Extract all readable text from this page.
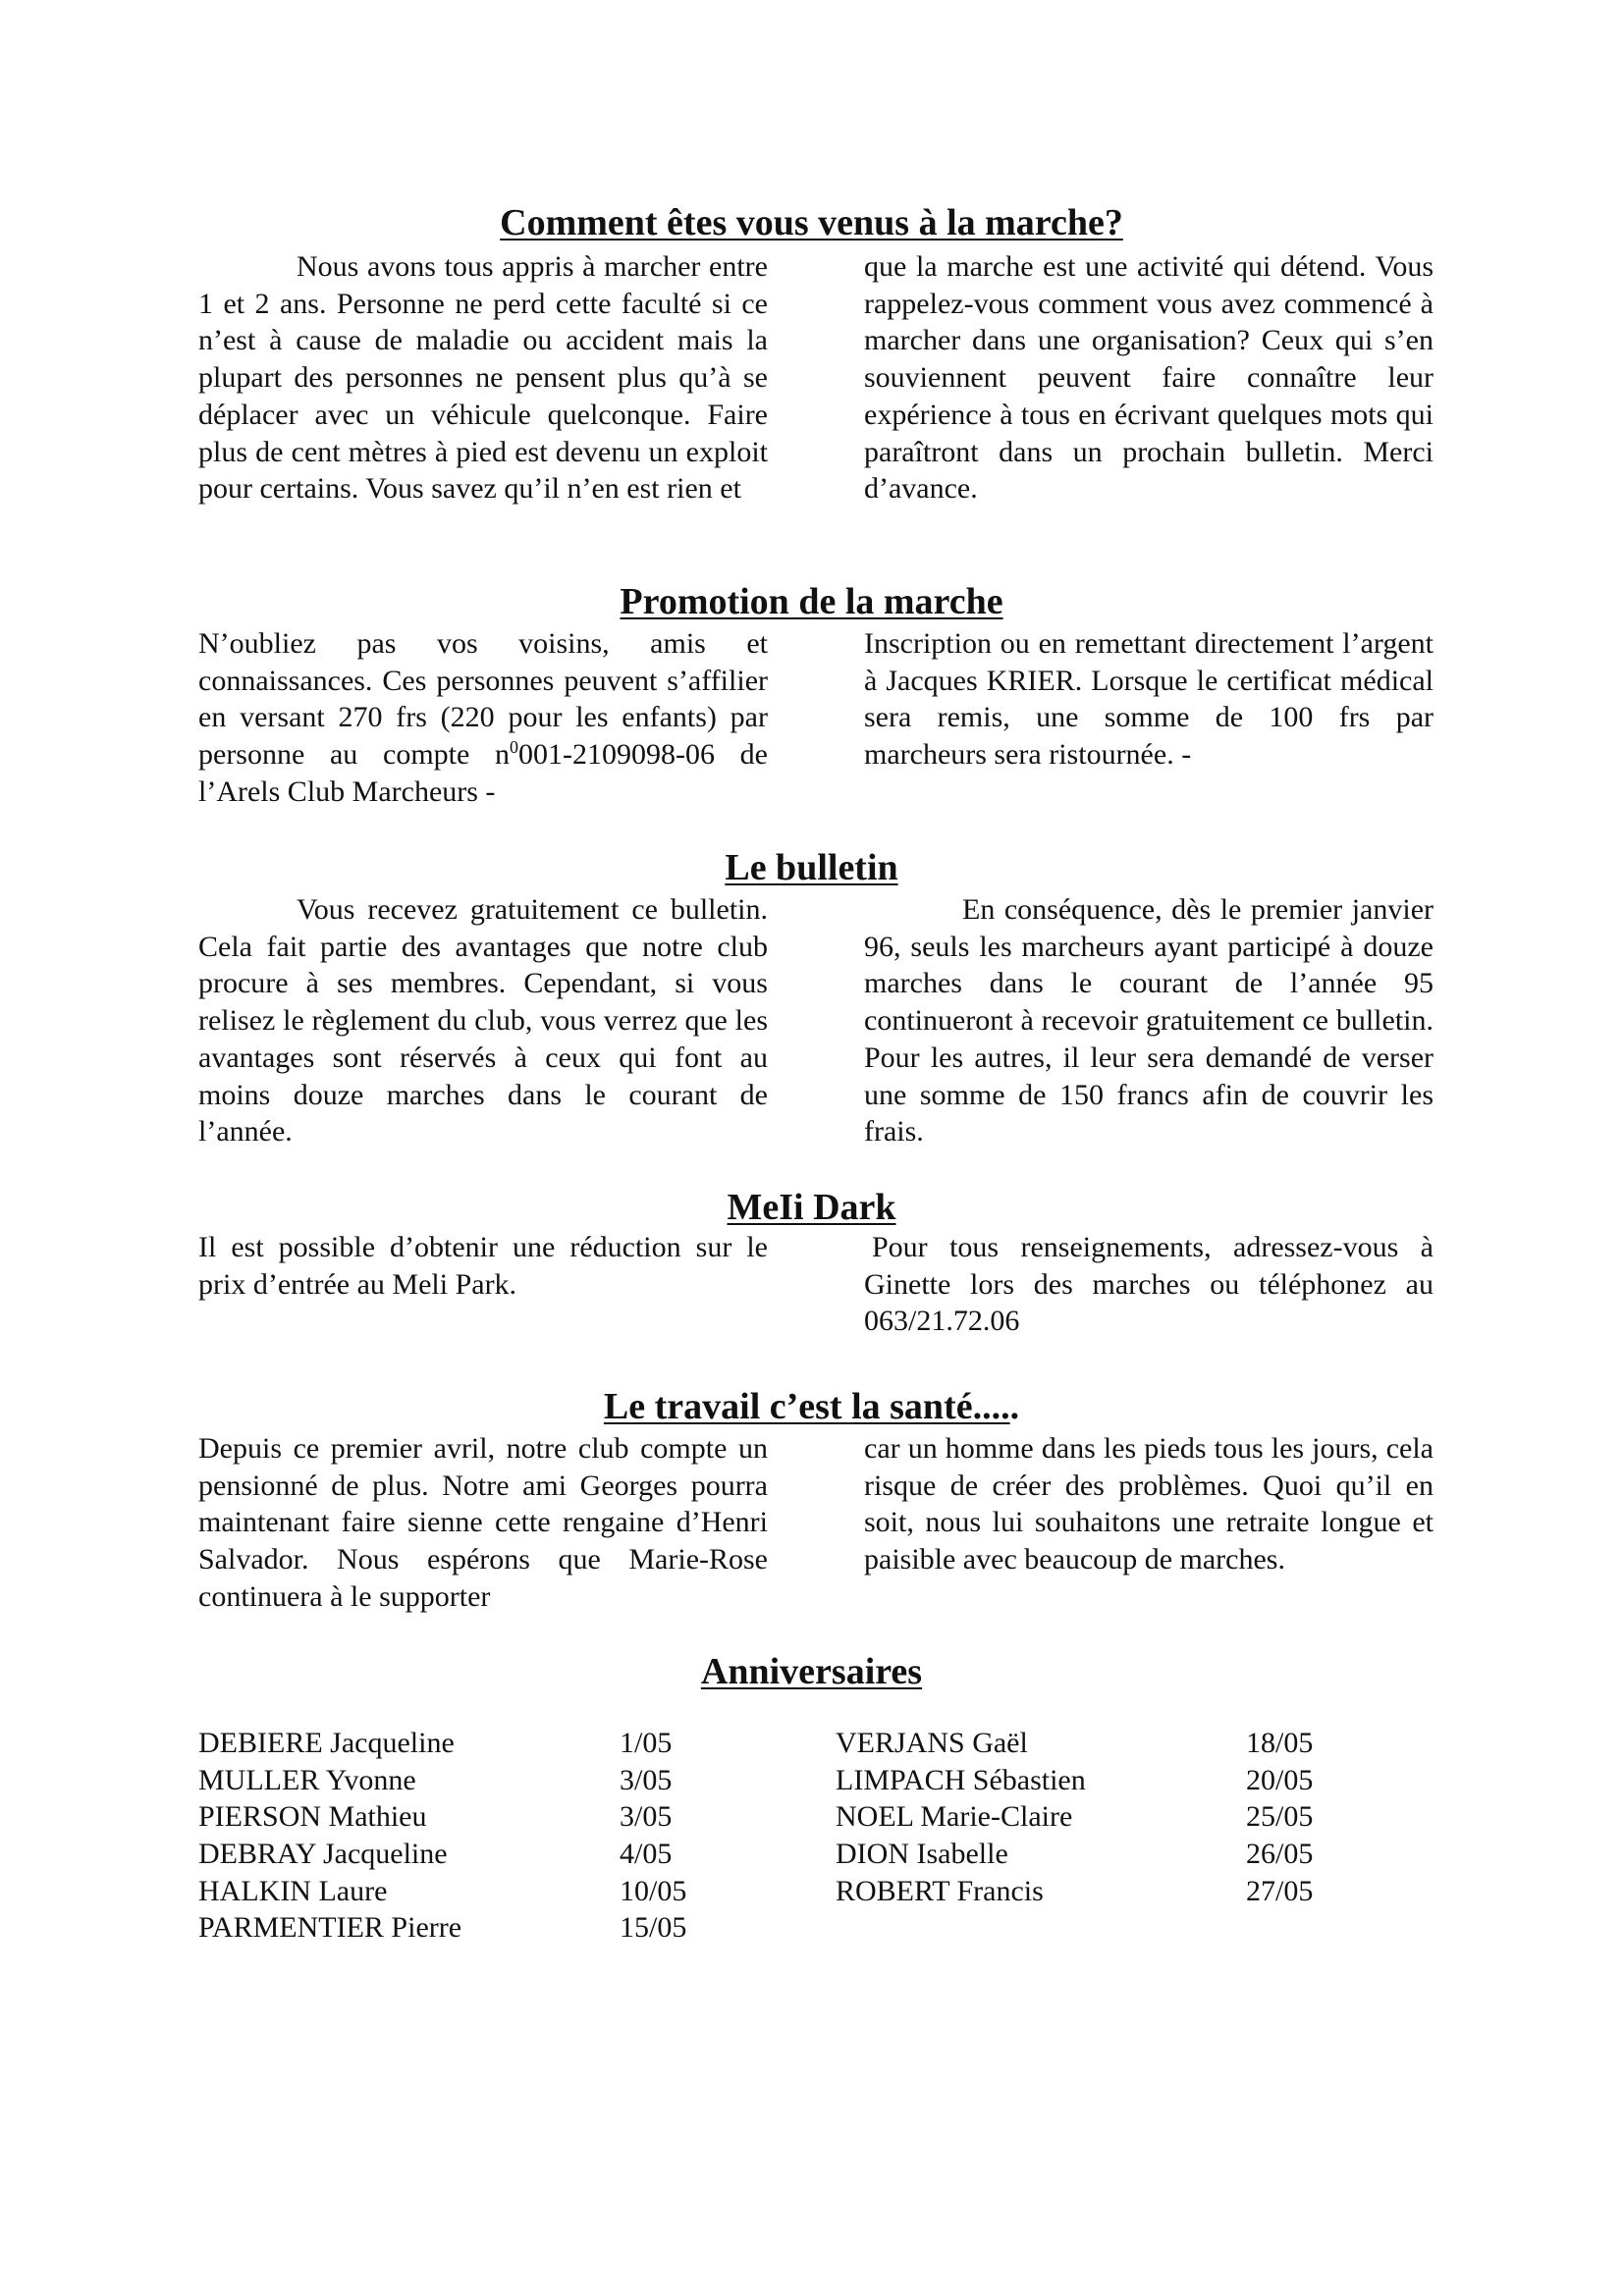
Comment êtes vous venus à la marche?

Nous avons tous appris à marcher entre 1 et 2 ans. Personne ne perd cette faculté si ce n’est à cause de maladie ou accident mais la plupart des personnes ne pensent plus qu’à se déplacer avec un véhicule quelconque. Faire plus de cent mètres à pied est devenu un exploit pour certains. Vous savez qu’il n’en est rien et

que la marche est une activité qui détend. Vous rappelez-vous comment vous avez commencé à marcher dans une organisation? Ceux qui s’en souviennent peuvent faire connaître leur expérience à tous en écrivant quelques mots qui paraîtront dans un prochain bulletin. Merci d’avance.

Promotion de la marche

N’oubliez pas vos voisins, amis et connaissances. Ces personnes peuvent s’affilier en versant 270 frs (220 pour les enfants) par personne au compte $n^0001-2109098-06$ de l’Arels Club Marcheurs -

Inscription ou en remettant directement l’argent à Jacques KRIER. Lorsque le certificat médical sera remis, une somme de 100 frs par marcheurs sera ristournée. -

Le bulletin

Vous recevez gratuitement ce bulletin. Cela fait partie des avantages que notre club procure à ses membres. Cependant, si vous relisez le règlement du club, vous verrez que les avantages sont réservés à ceux qui font au moins douze marches dans le courant de l’année.

En conséquence, dès le premier janvier 96, seuls les marcheurs ayant participé à douze marches dans le courant de l’année 95 continueront à recevoir gratuitement ce bulletin. Pour les autres, il leur sera demandé de verser une somme de 150 francs afin de couvrir les frais.

MeIi Dark

Il est possible d’obtenir une réduction sur le prix d’entrée au Meli Park.

Pour tous renseignements, adressez-vous à Ginette lors des marches ou téléphonez au 063/21.72.06

Le travail c’est la santé.....

Depuis ce premier avril, notre club compte un pensionné de plus. Notre ami Georges pourra maintenant faire sienne cette rengaine d’Henri Salvador. Nous espérons que Marie-Rose continuera à le supporter

car un homme dans les pieds tous les jours, cela risque de créer des problèmes. Quoi qu’il en soit, nous lui souhaitons une retraite longue et paisible avec beaucoup de marches.

Anniversaires
DEBIERE Jacqueline	1/05
MULLER Yvonne	3/05
PIERSON Mathieu	3/05
DEBRAY Jacqueline	4/05
HALKIN Laure	10/05
PARMENTIER Pierre	15/05
VERJANS Gaël	18/05
LIMPACH Sébastien	20/05
NOEL Marie-Claire	25/05
DION Isabelle	26/05
ROBERT Francis	27/05
